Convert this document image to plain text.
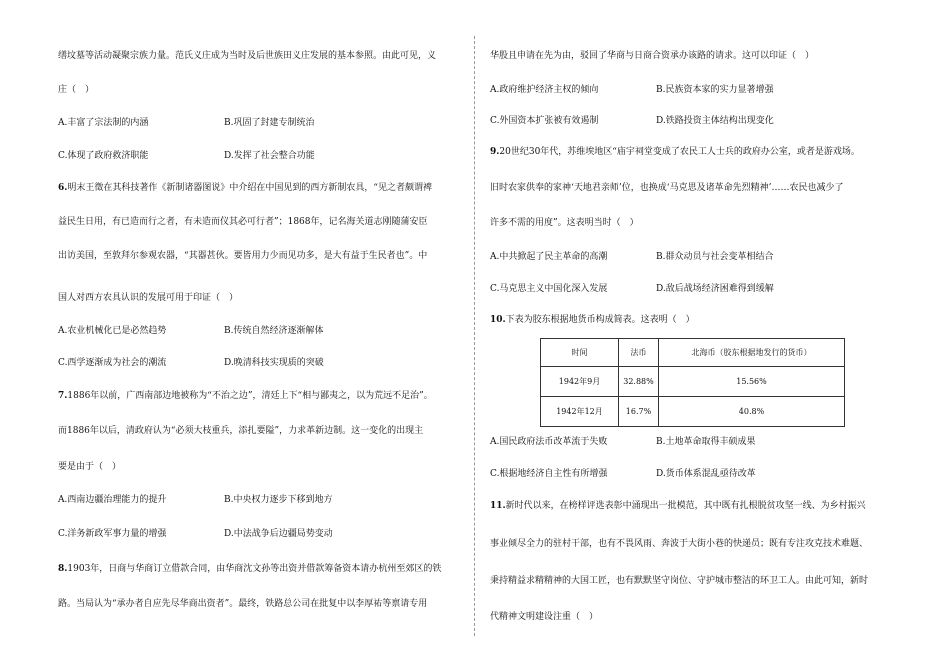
缮坟墓等活动凝聚宗族力量。范氏义庄成为当时及后世族田义庄发展的基本参照。由此可见，义
庄（　）
A.丰富了宗法制的内涵	B.巩固了封建专制统治
C.体现了政府救济职能	D.发挥了社会整合功能
6.明末王徵在其科技著作《新制诸器图说》中介绍在中国见到的西方新制农具，“见之者颇谓裨
益民生日用，有已造而行之者，有未造而仪其必可行者”；1868年，记名海关道志刚随蒲安臣
出访美国，至敦拜尔参观农器，“其器甚伙。要皆用力少而见功多，是大有益于生民者也”。中
国人对西方农具认识的发展可用于印证（　）
A.农业机械化已是必然趋势	B.传统自然经济逐渐解体
C.西学逐渐成为社会的潮流	D.晚清科技实现质的突破
7.1886年以前，广西南部边地被称为“不治之边”，清廷上下“相与鄙夷之，以为荒远不足治”。
而1886年以后，清政府认为“必须大枝重兵，添扎要隘”，力求革新边制。这一变化的出现主
要是由于（　）
A.西南边疆治理能力的提升	B.中央权力逐步下移到地方
C.洋务新政军事力量的增强	D.中法战争后边疆局势变动
8.1903年，日商与华商订立借款合同，由华商沈文孙等出资并借款筹备资本请办杭州至郊区的铁
路。当局认为“承办者自应先尽华商出资者”。最终，铁路总公司在批复中以李厚祐等禀请专用
华股且申请在先为由，驳回了华商与日商合资承办该路的请求。这可以印证（　）
A.政府维护经济主权的倾向	B.民族资本家的实力显著增强
C.外国资本扩张被有效遏制	D.铁路投资主体结构出现变化
9.20世纪30年代，苏维埃地区“庙宇祠堂变成了农民工人士兵的政府办公室，或者是游戏场。
旧时农家供奉的家神‘天地君亲师’位，也换成‘马克思及诸革命先烈精神’……农民也减少了
许多不需的用度”。这表明当时（　）
A.中共掀起了民主革命的高潮	B.群众动员与社会变革相结合
C.马克思主义中国化深入发展	D.敌后战场经济困难得到缓解
10.下表为胶东根据地货币构成简表。这表明（　）
时间	法币	北海币（胶东根据地发行的货币）
1942年9月	32.88%	15.56%
1942年12月	16.7%	40.8%
A.国民政府法币改革流于失败	B.土地革命取得丰硕成果
C.根据地经济自主性有所增强	D.货币体系混乱亟待改革
11.新时代以来，在榜样评选表彰中涌现出一批模范，其中既有扎根脱贫攻坚一线、为乡村振兴
事业倾尽全力的驻村干部，也有不畏风雨、奔波于大街小巷的快递员；既有专注攻克技术难题、
秉持精益求精精神的大国工匠，也有默默坚守岗位、守护城市整洁的环卫工人。由此可知，新时
代精神文明建设注重（　）
